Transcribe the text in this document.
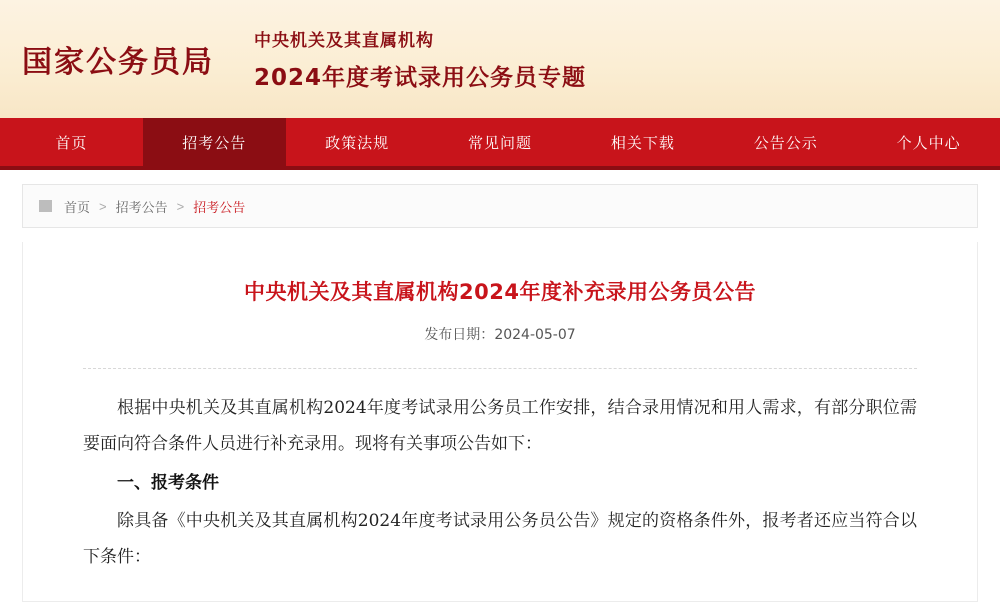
国家公务员局
中央机关及其直属机构
2024年度考试录用公务员专题
首页	招考公告	政策法规	常见问题	相关下载	公告公示	个人中心
首页 > 招考公告 > 招考公告
中央机关及其直属机构2024年度补充录用公务员公告
发布日期：2024-05-07

根据中央机关及其直属机构2024年度考试录用公务员工作安排，结合录用情况和用人需求，有部分职位需要面向符合条件人员进行补充录用。现将有关事项公告如下：

一、报考条件

除具备《中央机关及其直属机构2024年度考试录用公务员公告》规定的资格条件外，报考者还应当符合以下条件：
